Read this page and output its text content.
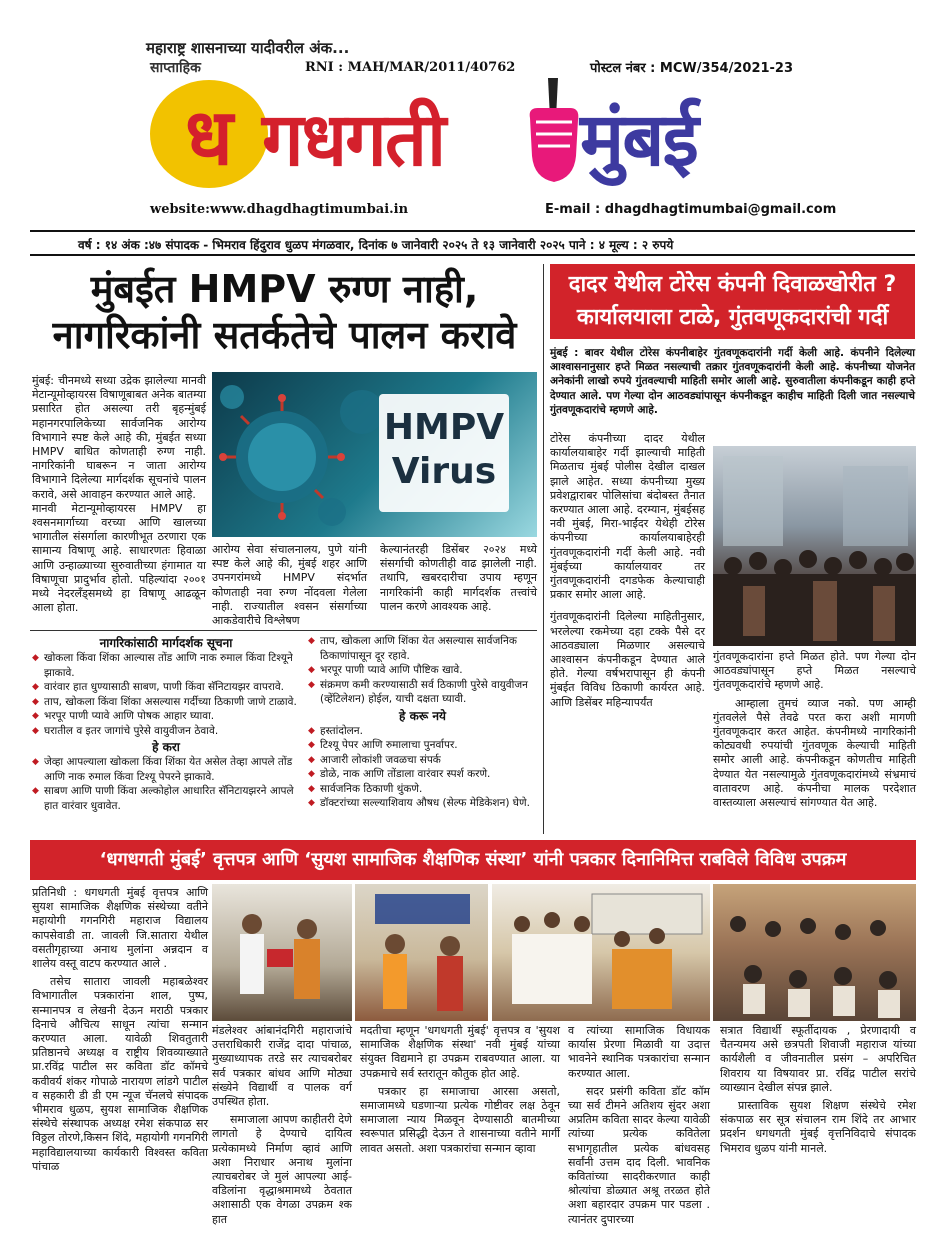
महाराष्ट्र शासनाच्या यादीवरील अंक...
साप्ताहिक	RNI : MAH/MAR/2011/40762	पोस्टल नंबर : MCW/354/2021-23
ध गधगती मुंबई
website:www.dhagdhagtimumbai.in	E-mail : dhagdhagtimumbai@gmail.com
वर्ष : १४ अंक :४७ संपादक - भिमराव हिंदुराव धुळप मंगळवार, दिनांक ७ जानेवारी २०२५ ते १३ जानेवारी २०२५ पाने : ४ मूल्य : २ रुपये
मुंबईत HMPV रुग्ण नाही,
नागरिकांनी सतर्कतेचे पालन करावे

मुंबई: चीनमध्ये सध्या उद्रेक झालेल्या मानवी मेटान्यूमोव्हायरस विषाणूबाबत अनेक बातम्या प्रसारित होत असल्या तरी बृहन्मुंबई महानगरपालिकेच्या सार्वजनिक आरोग्य विभागाने स्पष्ट केले आहे की, मुंबईत सध्या HMPV बाधित कोणताही रुग्ण नाही. नागरिकांनी घाबरून न जाता आरोग्य विभागाने दिलेल्या मार्गदर्शक सूचनांचे पालन करावे, असे आवाहन करण्यात आले आहे.

मानवी मेटान्यूमोव्हायरस HMPV हा श्वसनमार्गाच्या वरच्या आणि खालच्या भागातील संसर्गाला कारणीभूत ठरणारा एक सामान्य विषाणू आहे. साधारणतः हिवाळा आणि उन्हाळ्याच्या सुरुवातीच्या हंगामात या विषाणूचा प्रादुर्भाव होतो. पहिल्यांदा २००१ मध्ये नेदरलँड्समध्ये हा विषाणू आढळून आला होता.

HMPV
Virus
आरोग्य सेवा संचालनालय, पुणे यांनी स्पष्ट केले आहे की, मुंबई शहर आणि उपनगरांमध्ये HMPV संदर्भात कोणताही नवा रुग्ण नोंदवला गेलेला नाही. राज्यातील श्वसन संसर्गाच्या आकडेवारीचे विश्लेषण
केल्यानंतरही डिसेंबर २०२४ मध्ये संसर्गाची कोणतीही वाढ झालेली नाही. तथापि, खबरदारीचा उपाय म्हणून नागरिकांनी काही मार्गदर्शक तत्त्वांचे पालन करणे आवश्यक आहे.
नागरिकांसाठी मार्गदर्शक सूचना
◆ खोकला किंवा शिंका आल्यास तोंड आणि नाक रुमाल किंवा टिश्यूने झाकावे.
◆ वारंवार हात धुण्यासाठी साबण, पाणी किंवा सॅनिटायझर वापरावे.
◆ ताप, खोकला किंवा शिंका असल्यास गर्दीच्या ठिकाणी जाणे टाळावे.
◆ भरपूर पाणी प्यावे आणि पोषक आहार घ्यावा.
◆ घरातील व इतर जागांचे पुरेसे वायुवीजन ठेवावे.
हे करा
◆ जेव्हा आपल्याला खोकला किंवा शिंका येत असेल तेव्हा आपले तोंड आणि नाक रुमाल किंवा टिश्यू पेपरने झाकावे.
◆ साबण आणि पाणी किंवा अल्कोहोल आधारित सॅनिटायझरने आपले हात वारंवार धुवावेत.
◆ ताप, खोकला आणि शिंका येत असल्यास सार्वजनिक ठिकाणांपासून दूर रहावे.
◆ भरपूर पाणी प्यावे आणि पौष्टिक खावे.
◆ संक्रमण कमी करण्यासाठी सर्व ठिकाणी पुरेसे वायुवीजन (व्हेंटिलेशन) होईल, याची दक्षता घ्यावी.
हे करू नये
◆ हस्तांदोलन.
◆ टिश्यू पेपर आणि रुमालाचा पुनर्वापर.
◆ आजारी लोकांशी जवळचा संपर्क
◆ डोळे, नाक आणि तोंडाला वारंवार स्पर्श करणे.
◆ सार्वजनिक ठिकाणी थुंकणे.
◆ डॉक्टरांच्या सल्ल्याशिवाय औषध (सेल्फ मेडिकेशन) घेणे.
दादर येथील टोरेस कंपनी दिवाळखोरीत ?
कार्यालयाला टाळे, गुंतवणूकदारांची गर्दी
मुंबई : बावर येथील टोरेस कंपनीबाहेर गुंतवणूकदारांनी गर्दी केली आहे. कंपनीने दिलेल्या आश्वासनानुसार हप्ते मिळत नसल्याची तक्रार गुंतवणूकदारांनी केली आहे. कंपनीच्या योजनेत अनेकांनी लाखो रुपये गुंतवल्याची माहिती समोर आली आहे. सुरुवातीला कंपनीकडून काही हप्ते देण्यात आले. पण गेल्या दोन आठवड्यांपासून कंपनीकडून काहीच माहिती दिली जात नसल्याचे गुंतवणूकदारांचे म्हणणे आहे.

टोरेस कंपनीच्या दादर येथील कार्यालयाबाहेर गर्दी झाल्याची माहिती मिळताच मुंबई पोलीस देखील दाखल झाले आहेत. सध्या कंपनीच्या मुख्य प्रवेशद्वाराबर पोलिसांचा बंदोबस्त तैनात करण्यात आला आहे. दरम्यान, मुंबईसह नवी मुंबई, मिरा-भाईंदर येथेही टोरेस कंपनीच्या कार्यालयाबाहेरही गुंतवणूकदारांनी गर्दी केली आहे. नवी मुंबईच्या कार्यालयावर तर गुंतवणूकदारांनी दगडफेक केल्याचाही प्रकार समोर आला आहे.

गुंतवणूकदारांनी दिलेल्या माहितीनुसार, भरलेल्या रकमेच्या दहा टक्के पैसे दर आठवड्याला मिळणार असल्याचे आश्वासन कंपनीकडून देण्यात आले होते. गेल्या वर्षभरापासून ही कंपनी मुंबईत विविध ठिकाणी कार्यरत आहे. आणि डिसेंबर महिन्यापर्यंत

गुंतवणूकदारांना हप्ते मिळत होते. पण गेल्या दोन आठवड्यांपासून हप्ते मिळत नसल्याचे गुंतवणूकदारांचे म्हणणे आहे.

आम्हाला तुमचं व्याज नको. पण आम्ही गुंतवलेले पैसे तेवढे परत करा अशी मागणी गुंतवणूकदार करत आहेत. कंपनीमध्ये नागरिकांनी कोट्यवधी रुपयांची गुंतवणूक केल्याची माहिती समोर आली आहे. कंपनीकडून कोणतीच माहिती देण्यात येत नसल्यामुळे गुंतवणूकदारांमध्ये संभ्रमाचं वातावरण आहे. कंपनीचा मालक परदेशात वास्तव्याला असल्याचं सांगण्यात येत आहे.

‘धगधगती मुंबई’ वृत्तपत्र आणि ‘सुयश सामाजिक शैक्षणिक संस्था’ यांनी पत्रकार दिनानिमित्त राबविले विविध उपक्रम

प्रतिनिधी : धगधगती मुंबई वृत्तपत्र आणि सुयश सामाजिक शैक्षणिक संस्थेच्या वतीने महायोगी गगनगिरी महाराज विद्यालय कापसेवाडी ता. जावली जि.सातारा येथील वसतीगृहाच्या अनाथ मुलांना अन्नदान व शालेय वस्तू वाटप करण्यात आले .

तसेच सातारा जावली महाबळेश्वर विभागातील पत्रकारांना शाल, पुष्प, सन्मानपत्र व लेखनी देऊन मराठी पत्रकार दिनाचे औचित्य साधून त्यांचा सन्मान करण्यात आला. यावेळी शिवतुतारी प्रतिष्ठानचे अध्यक्ष व राष्ट्रीय शिवव्याख्याते प्रा.रविंद्र पाटील सर कविता डॉट कॉमचे कवीवर्य शंकर गोपाळे नारायण लांडगे पाटील व सहकारी डी डी एम न्यूज चॅनलचे संपादक भीमराव धुळप, सुयश सामाजिक शैक्षणिक संस्थेचे संस्थापक अध्यक्ष रमेश संकपाळ सर विठ्ठल तोरणे,किसन शिंदे, महायोगी गगनगिरी महाविद्यालयाच्या कार्यकारी विश्वस्त कविता पांचाळ

मंडलेश्वर आंबानंदगिरी महाराजांचे उत्तराधिकारी राजेंद्र दादा पांचाळ, मुख्याध्यापक तरडे सर त्याचबरोबर सर्व पत्रकार बांधव आणि मोठ्या संख्येने विद्यार्थी व पालक वर्ग उपस्थित होता.

समाजाला आपण काहीतरी देणे लागतो हे देण्याचे दायित्व प्रत्येकामध्ये निर्माण व्हावं आणि अशा निराधार अनाथ मुलांना त्याचबरोबर जे मुलं आपल्या आई-वडिलांना वृद्धाश्रमामध्ये ठेवतात अशासाठी एक वेगळा उपक्रम श्क हात

मदतीचा म्हणून 'धगधगती मुंबई' वृत्तपत्र व 'सुयश सामाजिक शैक्षणिक संस्था' नवी मुंबई यांच्या संयुक्त विद्यमाने हा उपक्रम राबवण्यात आला. या उपक्रमाचे सर्व स्तरातून कौतुक होत आहे.

पत्रकार हा समाजाचा आरसा असतो, समाजामध्ये घडणाऱ्या प्रत्येक गोष्टीवर लक्ष ठेवून समाजाला न्याय मिळवून देण्यासाठी बातमीच्या स्वरूपात प्रसिद्धी देऊन ते शासनाच्या वतीने मार्गी लावत असतो. अशा पत्रकारांचा सन्मान व्हावा

व त्यांच्या सामाजिक विधायक कार्यास प्रेरणा मिळावी या उदात्त भावनेने स्थानिक पत्रकारांचा सन्मान करण्यात आला.

सदर प्रसंगी कविता डॉट कॉम च्या सर्व टीमने अतिशय सुंदर अशा अप्रतिम कविता सादर केल्या यावेळी त्यांच्या प्रत्येक कवितेला सभागृहातील प्रत्येक बांधवसह सर्वांनी उत्तम दाद दिली. भावनिक कवितांच्या सादरीकरणात काही श्रोत्यांचा डोळ्यात अश्रू तरळत होते अशा बहारदार उपक्रम पार पडला . त्यानंतर दुपारच्या

सत्रात विद्यार्थी स्फूर्तीदायक , प्रेरणादायी व चैतन्यमय असे छत्रपती शिवाजी महाराज यांच्या कार्यशैली व जीवनातील प्रसंग – अपरिचित शिवराय या विषयावर प्रा. रविंद्र पाटील सरांचे व्याख्यान देखील संपन्न झाले.

प्रास्ताविक सुयश शिक्षण संस्थेचे रमेश संकपाळ सर सूत्र संचालन राम शिंदे तर आभार प्रदर्शन धगधगती मुंबई वृत्तनिविदाचे संपादक भिमराव धुळप यांनी मानले.
